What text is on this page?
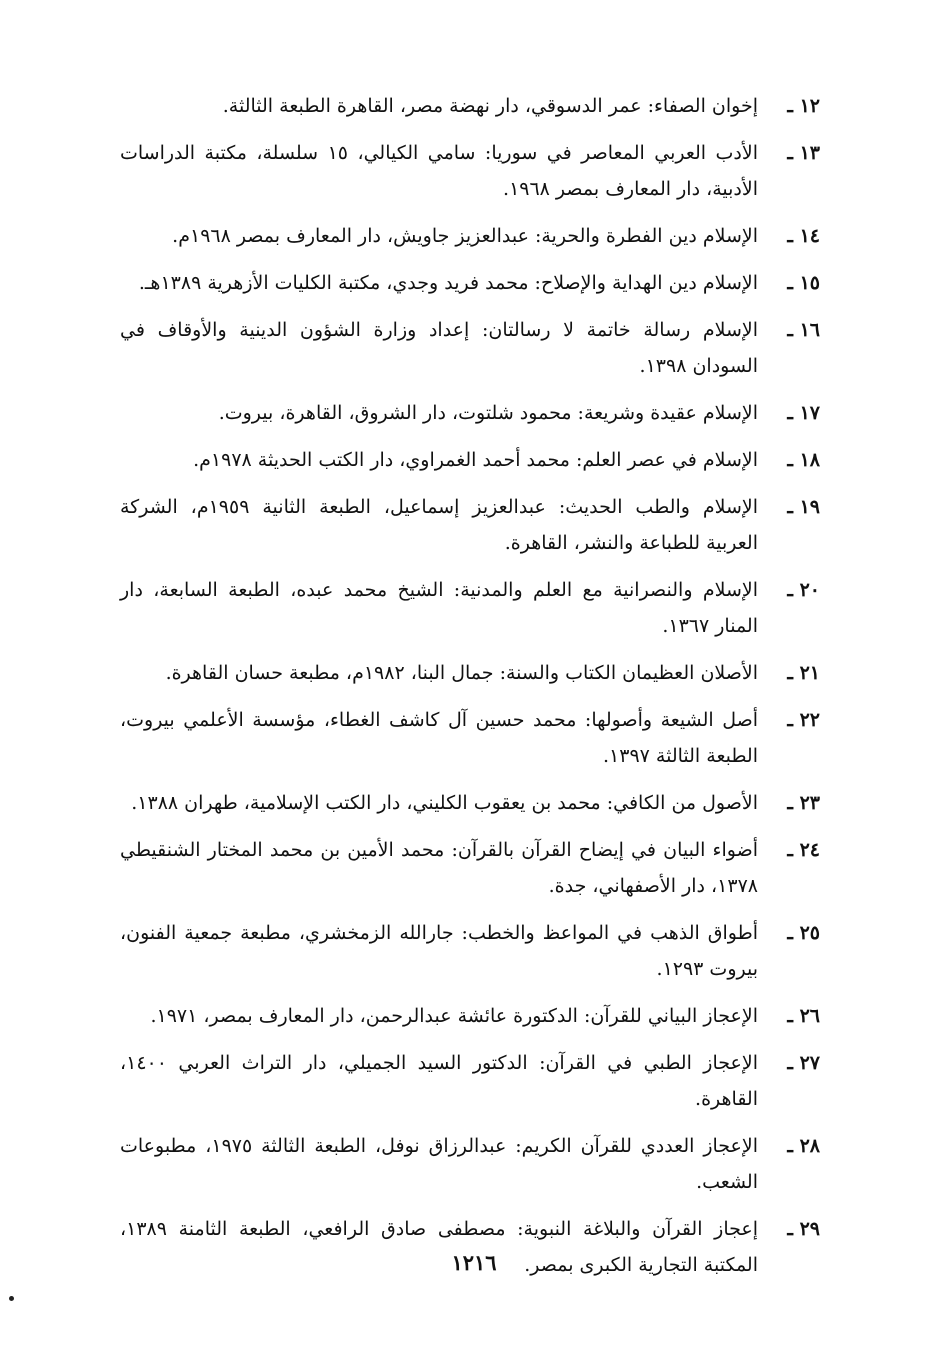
١٢ ـ
إخوان الصفاء: عمر الدسوقي، دار نهضة مصر، القاهرة الطبعة الثالثة.
١٣ ـ
الأدب العربي المعاصر في سوريا: سامي الكيالي، ١٥ سلسلة، مكتبة الدراسات الأدبية، دار المعارف بمصر ١٩٦٨.
١٤ ـ
الإسلام دين الفطرة والحرية: عبدالعزيز جاويش، دار المعارف بمصر ١٩٦٨م.
١٥ ـ
الإسلام دين الهداية والإصلاح: محمد فريد وجدي، مكتبة الكليات الأزهرية ١٣٨٩هـ.
١٦ ـ
الإسلام رسالة خاتمة لا رسالتان: إعداد وزارة الشؤون الدينية والأوقاف في السودان ١٣٩٨.
١٧ ـ
الإسلام عقيدة وشريعة: محمود شلتوت، دار الشروق، القاهرة، بيروت.
١٨ ـ
الإسلام في عصر العلم: محمد أحمد الغمراوي، دار الكتب الحديثة ١٩٧٨م.
١٩ ـ
الإسلام والطب الحديث: عبدالعزيز إسماعيل، الطبعة الثانية ١٩٥٩م، الشركة العربية للطباعة والنشر، القاهرة.
٢٠ ـ
الإسلام والنصرانية مع العلم والمدنية: الشيخ محمد عبده، الطبعة السابعة، دار المنار ١٣٦٧.
٢١ ـ
الأصلان العظيمان الكتاب والسنة: جمال البنا، ١٩٨٢م، مطبعة حسان القاهرة.
٢٢ ـ
أصل الشيعة وأصولها: محمد حسين آل كاشف الغطاء، مؤسسة الأعلمي بيروت، الطبعة الثالثة ١٣٩٧.
٢٣ ـ
الأصول من الكافي: محمد بن يعقوب الكليني، دار الكتب الإسلامية، طهران ١٣٨٨.
٢٤ ـ
أضواء البيان في إيضاح القرآن بالقرآن: محمد الأمين بن محمد المختار الشنقيطي ١٣٧٨، دار الأصفهاني، جدة.
٢٥ ـ
أطواق الذهب في المواعظ والخطب: جارالله الزمخشري، مطبعة جمعية الفنون، بيروت ١٢٩٣.
٢٦ ـ
الإعجاز البياني للقرآن: الدكتورة عائشة عبدالرحمن، دار المعارف بمصر، ١٩٧١.
٢٧ ـ
الإعجاز الطبي في القرآن: الدكتور السيد الجميلي، دار التراث العربي ١٤٠٠، القاهرة.
٢٨ ـ
الإعجاز العددي للقرآن الكريم: عبدالرزاق نوفل، الطبعة الثالثة ١٩٧٥، مطبوعات الشعب.
٢٩ ـ
إعجاز القرآن والبلاغة النبوية: مصطفى صادق الرافعي، الطبعة الثامنة ١٣٨٩، المكتبة التجارية الكبرى بمصر.
١٢١٦
